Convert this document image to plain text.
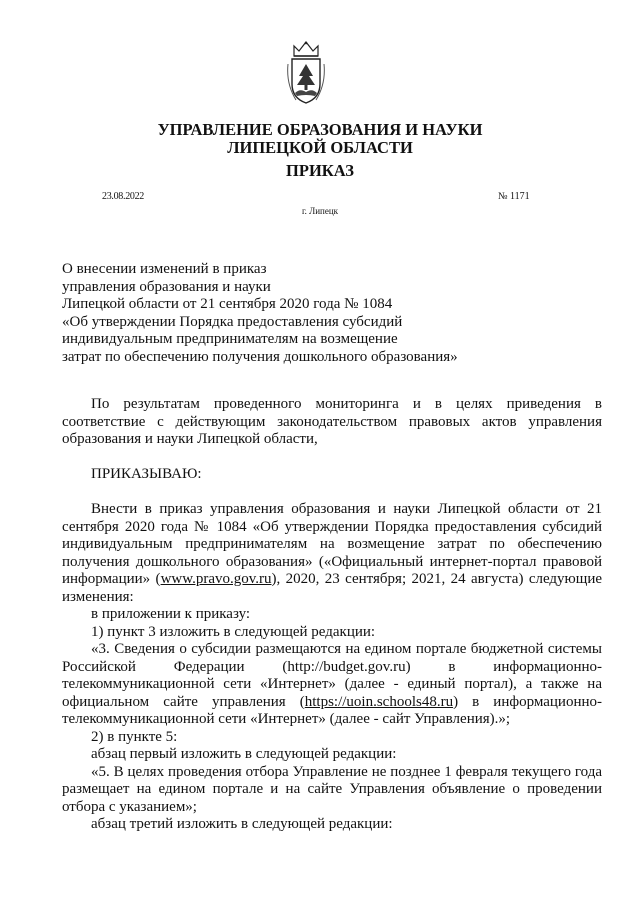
УПРАВЛЕНИЕ ОБРАЗОВАНИЯ И НАУКИ
ЛИПЕЦКОЙ ОБЛАСТИ
ПРИКАЗ
23.08.2022	№ 1171
г. Липецк
О внесении изменений в приказ
управления образования и науки
Липецкой области от 21 сентября 2020 года № 1084
«Об утверждении Порядка предоставления субсидий
индивидуальным предпринимателям на возмещение
затрат по обеспечению получения дошкольного образования»

По результатам проведенного мониторинга и в целях приведения в соответствие с действующим законодательством правовых актов управления образования и науки Липецкой области,

ПРИКАЗЫВАЮ:

Внести в приказ управления образования и науки Липецкой области от 21 сентября 2020 года № 1084 «Об утверждении Порядка предоставления субсидий индивидуальным предпринимателям на возмещение затрат по обеспечению получения дошкольного образования» («Официальный интернет-портал правовой информации» (www.pravo.gov.ru), 2020, 23 сентября; 2021, 24 августа) следующие изменения:

в приложении к приказу:

1) пункт 3 изложить в следующей редакции:

«3. Сведения о субсидии размещаются на едином портале бюджетной системы Российской Федерации (http://budget.gov.ru) в информационно-телекоммуникационной сети «Интернет» (далее - единый портал), а также на официальном сайте управления (https://uoin.schools48.ru) в информационно-телекоммуникационной сети «Интернет» (далее - сайт Управления).»;

2) в пункте 5:

абзац первый изложить в следующей редакции:

«5. В целях проведения отбора Управление не позднее 1 февраля текущего года размещает на едином портале и на сайте Управления объявление о проведении отбора с указанием»;

абзац третий изложить в следующей редакции:
